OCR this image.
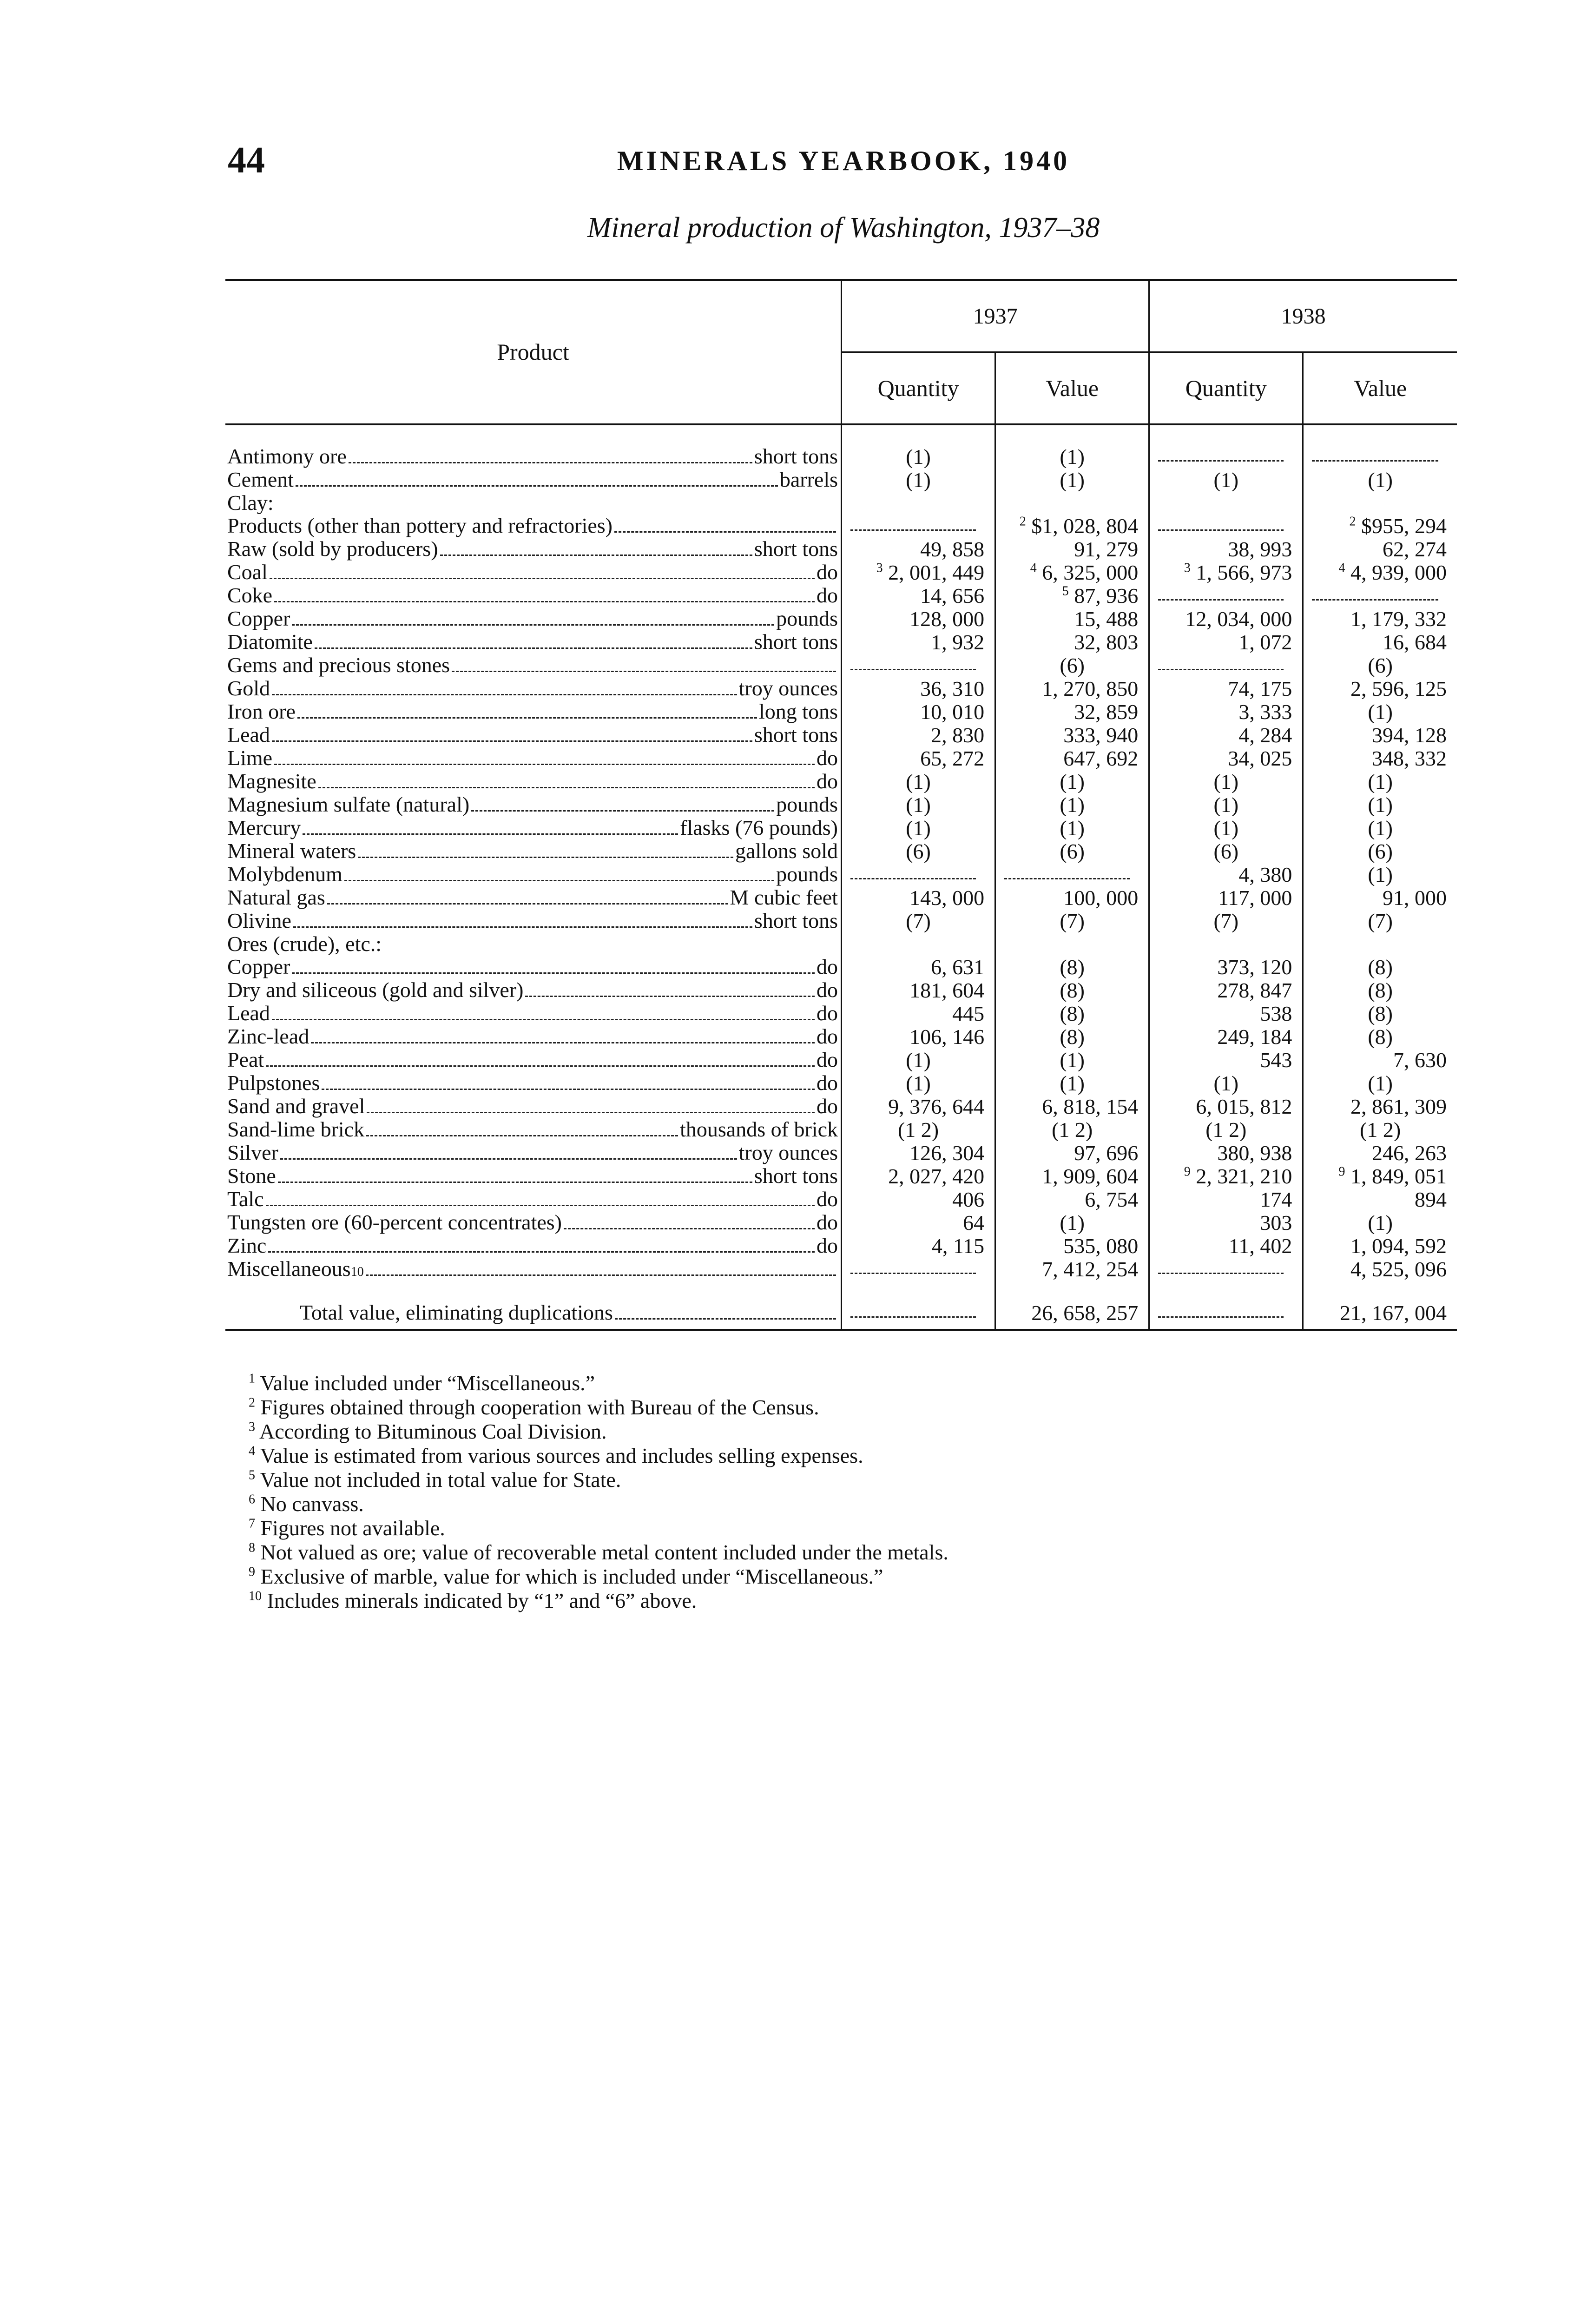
44	MINERALS YEARBOOK, 1940
Mineral production of Washington, 1937–38
Product	1937		1938	
	Quantity	Value	Quantity	Value

Antimony ore short tons	(1)	(1)	

Cement barrels	(1)	(1)	(1)	(1)

Clay:				

Products (other than pottery and refractories)		$^2$ $1, 028, 804		$^2$ $955, 294

Raw (sold by producers) short tons	49, 858	91, 279	38, 993	62, 274

Coal do	$^3$ 2, 001, 449	$^4$ 6, 325, 000	$^3$ 1, 566, 973	$^4$ 4, 939, 000

Coke do	14, 656	$^5$ 87, 936	

Copper pounds	128, 000	15, 488	12, 034, 000	1, 179, 332

Diatomite short tons	1, 932	32, 803	1, 072	16, 684

Gems and precious stones		(6)		(6)

Gold troy ounces	36, 310	1, 270, 850	74, 175	2, 596, 125

Iron ore long tons	10, 010	32, 859	3, 333	(1)

Lead short tons	2, 830	333, 940	4, 284	394, 128

Lime do	65, 272	647, 692	34, 025	348, 332

Magnesite do	(1)	(1)	(1)	(1)

Magnesium sulfate (natural) pounds	(1)	(1)	(1)	(1)

Mercury flasks (76 pounds)	(1)	(1)	(1)	(1)

Mineral waters gallons sold	(6)	(6)	(6)	(6)

Molybdenum pounds			4, 380	(1)

Natural gas M cubic feet	143, 000	100, 000	117, 000	91, 000

Olivine short tons	(7)	(7)	(7)	(7)

Ores (crude), etc.:				

Copper do	6, 631	(8)	373, 120	(8)

Dry and siliceous (gold and silver) do	181, 604	(8)	278, 847	(8)

Lead do	445	(8)	538	(8)

Zinc-lead do	106, 146	(8)	249, 184	(8)

Peat do	(1)	(1)	543	7, 630

Pulpstones do	(1)	(1)	(1)	(1)

Sand and gravel do	9, 376, 644	6, 818, 154	6, 015, 812	2, 861, 309

Sand-lime brick thousands of brick	(1 2)	(1 2)	(1 2)	(1 2)

Silver troy ounces	126, 304	97, 696	380, 938	246, 263

Stone short tons	2, 027, 420	1, 909, 604	$^9$ 2, 321, 210	$^9$ 1, 849, 051

Talc do	406	6, 754	174	894

Tungsten ore (60-percent concentrates) do	64	(1)	303	(1)

Zinc do	4, 115	535, 080	11, 402	1, 094, 592

Miscellaneous 10		7, 412, 254		4, 525, 096

Total value, eliminating duplications		26, 658, 257		21, 167, 004
$^1$ Value included under “Miscellaneous.”
$^2$ Figures obtained through cooperation with Bureau of the Census.
$^3$ According to Bituminous Coal Division.
$^4$ Value is estimated from various sources and includes selling expenses.
$^5$ Value not included in total value for State.
$^6$ No canvass.
$^7$ Figures not available.
$^8$ Not valued as ore; value of recoverable metal content included under the metals.
$^9$ Exclusive of marble, value for which is included under “Miscellaneous.”
$^{10}$ Includes minerals indicated by “1” and “6” above.
